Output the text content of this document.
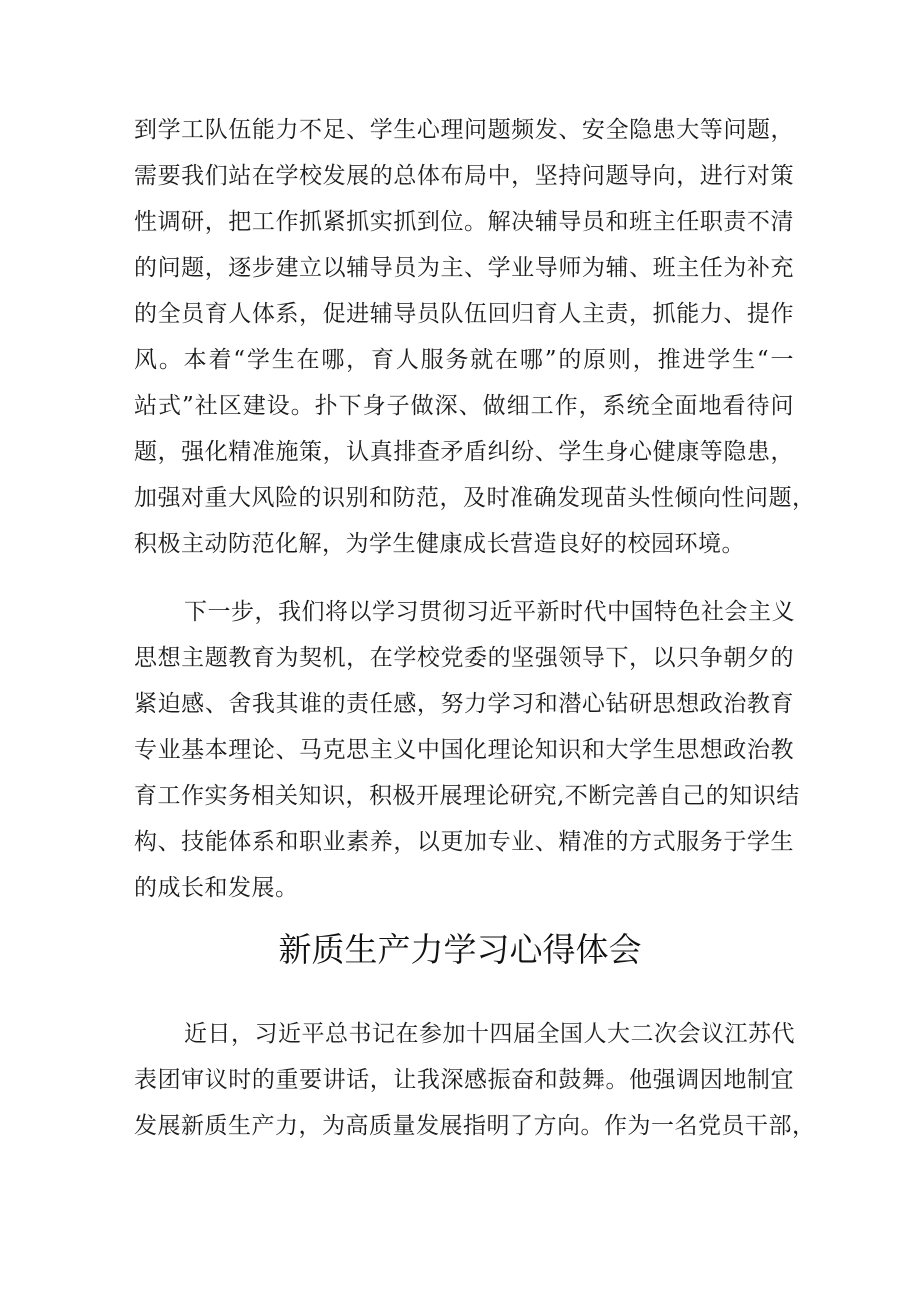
到学工队伍能力不足、学生心理问题频发、安全隐患大等问题，
需要我们站在学校发展的总体布局中，坚持问题导向，进行对策
性调研，把工作抓紧抓实抓到位。解决辅导员和班主任职责不清
的问题，逐步建立以辅导员为主、学业导师为辅、班主任为补充
的全员育人体系，促进辅导员队伍回归育人主责，抓能力、提作
风。本着“学生在哪，育人服务就在哪”的原则，推进学生“一
站式”社区建设。扑下身子做深、做细工作，系统全面地看待问
题，强化精准施策，认真排查矛盾纠纷、学生身心健康等隐患，
加强对重大风险的识别和防范，及时准确发现苗头性倾向性问题，
积极主动防范化解，为学生健康成长营造良好的校园环境。
下一步，我们将以学习贯彻习近平新时代中国特色社会主义
思想主题教育为契机，在学校党委的坚强领导下，以只争朝夕的
紧迫感、舍我其谁的责任感，努力学习和潜心钻研思想政治教育
专业基本理论、马克思主义中国化理论知识和大学生思想政治教
育工作实务相关知识，积极开展理论研究,不断完善自己的知识结
构、技能体系和职业素养，以更加专业、精准的方式服务于学生
的成长和发展。
新质生产力学习心得体会
近日，习近平总书记在参加十四届全国人大二次会议江苏代
表团审议时的重要讲话，让我深感振奋和鼓舞。他强调因地制宜
发展新质生产力，为高质量发展指明了方向。作为一名党员干部，
